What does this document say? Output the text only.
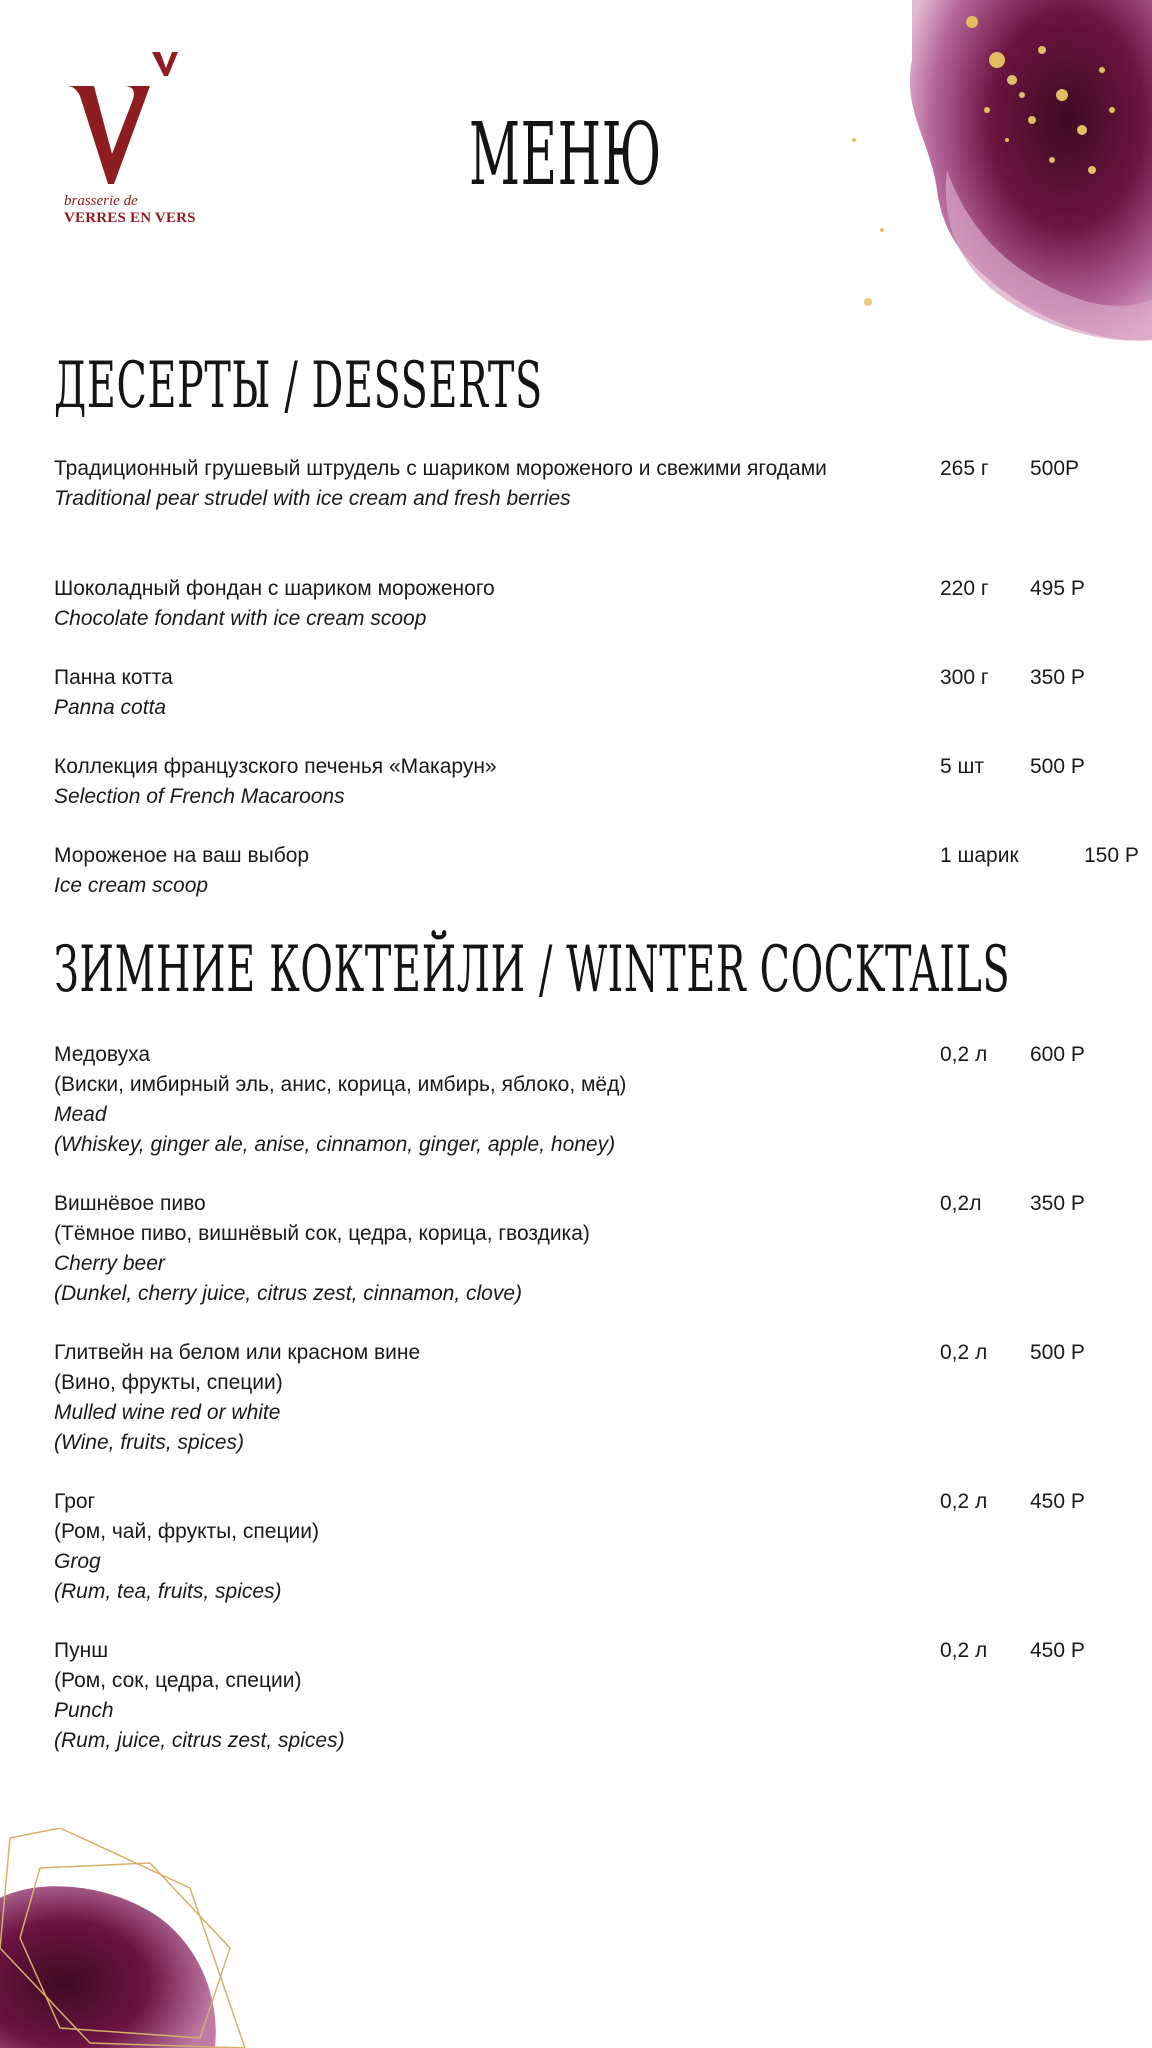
brasserie de
VERRES EN VERS
МЕНЮ
ДЕСЕРТЫ / DESSERTS
Традиционный грушевый штрудель с шариком мороженого и свежими ягодами
Traditional pear strudel with ice cream and fresh berries
265 г 500Р
Шоколадный фондан с шариком мороженого
Chocolate fondant with ice cream scoop
220 г 495 Р
Панна котта
Panna cotta
300 г 350 Р
Коллекция французского печенья «Макарун»
Selection of French Macaroons
5 шт 500 Р
Мороженое на ваш выбор
Ice cream scoop
1 шарик	150 Р
ЗИМНИЕ КОКТЕЙЛИ / WINTER COCKTAILS
Медовуха
(Виски, имбирный эль, анис, корица, имбирь, яблоко, мёд)
Mead
(Whiskey, ginger ale, anise, cinnamon, ginger, apple, honey)
0,2 л 600 Р
Вишнёвое пиво
(Тёмное пиво, вишнёвый сок, цедра, корица, гвоздика)
Cherry beer
(Dunkel, cherry juice, citrus zest, cinnamon, clove)
0,2л 350 Р
Глитвейн на белом или красном вине
(Вино, фрукты, специи)
Mulled wine red or white
(Wine, fruits, spices)
0,2 л 500 Р
Грог
(Ром, чай, фрукты, специи)
Grog
(Rum, tea, fruits, spices)
0,2 л 450 Р
Пунш
(Ром, сок, цедра, специи)
Punch
(Rum, juice, citrus zest, spices)
0,2 л 450 Р
